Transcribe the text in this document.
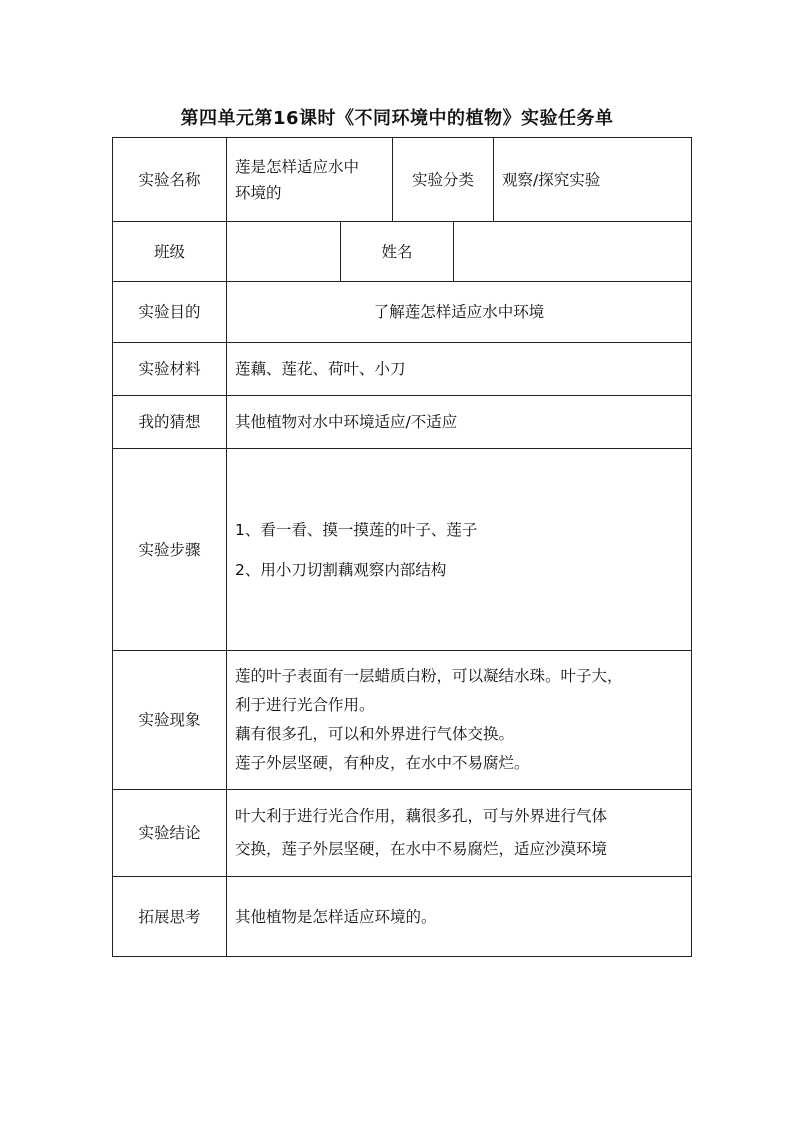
第四单元第16课时《不同环境中的植物》实验任务单
实验名称	莲是怎样适应水中
环境的		实验分类		观察/探究实验
班级		姓名			
实验目的	了解莲怎样适应水中环境				
实验材料	莲藕、莲花、荷叶、小刀				
我的猜想	其他植物对水中环境适应/不适应				
实验步骤	1、看一看、摸一摸莲的叶子、莲子
2、用小刀切割藕观察内部结构				

实验现象	莲的叶子表面有一层蜡质白粉，可以凝结水珠。叶子大，
利于进行光合作用。
藕有很多孔，可以和外界进行气体交换。
莲子外层坚硬，有种皮，在水中不易腐烂。				

实验结论	叶大利于进行光合作用，藕很多孔，可与外界进行气体
交换，莲子外层坚硬，在水中不易腐烂，适应沙漠环境				

拓展思考	其他植物是怎样适应环境的。				
